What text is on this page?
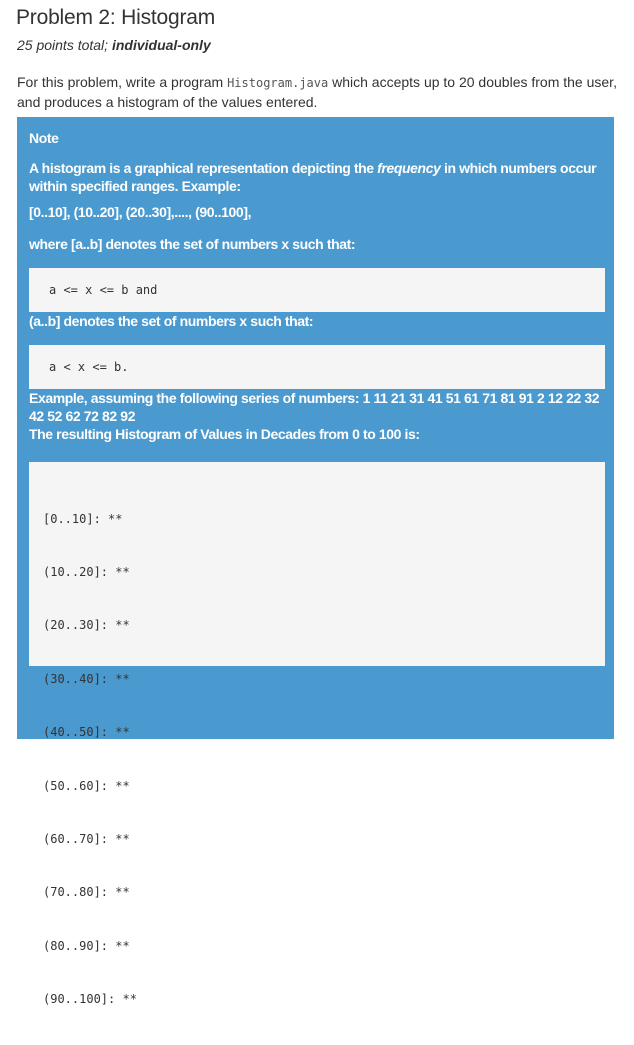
Problem 2: Histogram
25 points total; individual-only
For this problem, write a program Histogram.java which accepts up to 20 doubles from the user, and produces a histogram of the values entered.

Note

A histogram is a graphical representation depicting the frequency in which numbers occur within specified ranges. Example:

[0..10], (10..20], (20..30],...., (90..100],

where [a..b] denotes the set of numbers x such that:

a <= x <= b and

(a..b] denotes the set of numbers x such that:

a < x <= b.

Example, assuming the following series of numbers: 1 11 21 31 41 51 61 71 81 91 2 12 22 32 42 52 62 72 82 92

The resulting Histogram of Values in Decades from 0 to 100 is:

[0..10]: **

(10..20]: **

(20..30]: **

(30..40]: **

(40..50]: **

(50..60]: **

(60..70]: **

(70..80]: **

(80..90]: **

(90..100]: **
